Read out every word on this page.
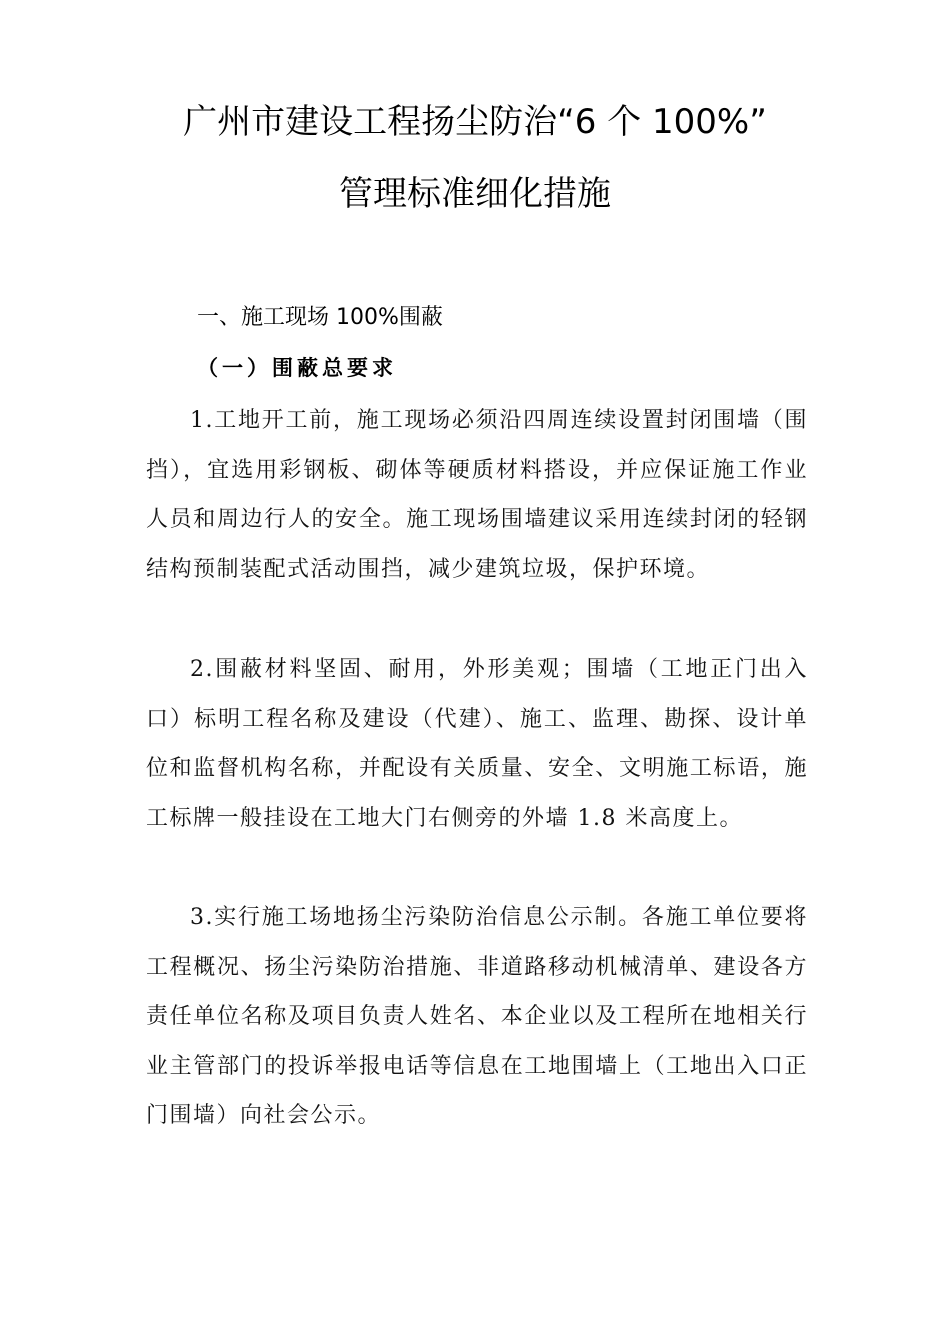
广州市建设工程扬尘防治“6 个 100%”
管理标准细化措施
一、施工现场 100%围蔽
（一）围蔽总要求

1.工地开工前，施工现场必须沿四周连续设置封闭围墙（围挡），宜选用彩钢板、砌体等硬质材料搭设，并应保证施工作业人员和周边行人的安全。施工现场围墙建议采用连续封闭的轻钢结构预制装配式活动围挡，减少建筑垃圾，保护环境。

2.围蔽材料坚固、耐用，外形美观；围墙（工地正门出入口）标明工程名称及建设（代建）、施工、监理、勘探、设计单位和监督机构名称，并配设有关质量、安全、文明施工标语，施工标牌一般挂设在工地大门右侧旁的外墙 1.8 米高度上。

3.实行施工场地扬尘污染防治信息公示制。各施工单位要将工程概况、扬尘污染防治措施、非道路移动机械清单、建设各方责任单位名称及项目负责人姓名、本企业以及工程所在地相关行业主管部门的投诉举报电话等信息在工地围墙上（工地出入口正门围墙）向社会公示。
